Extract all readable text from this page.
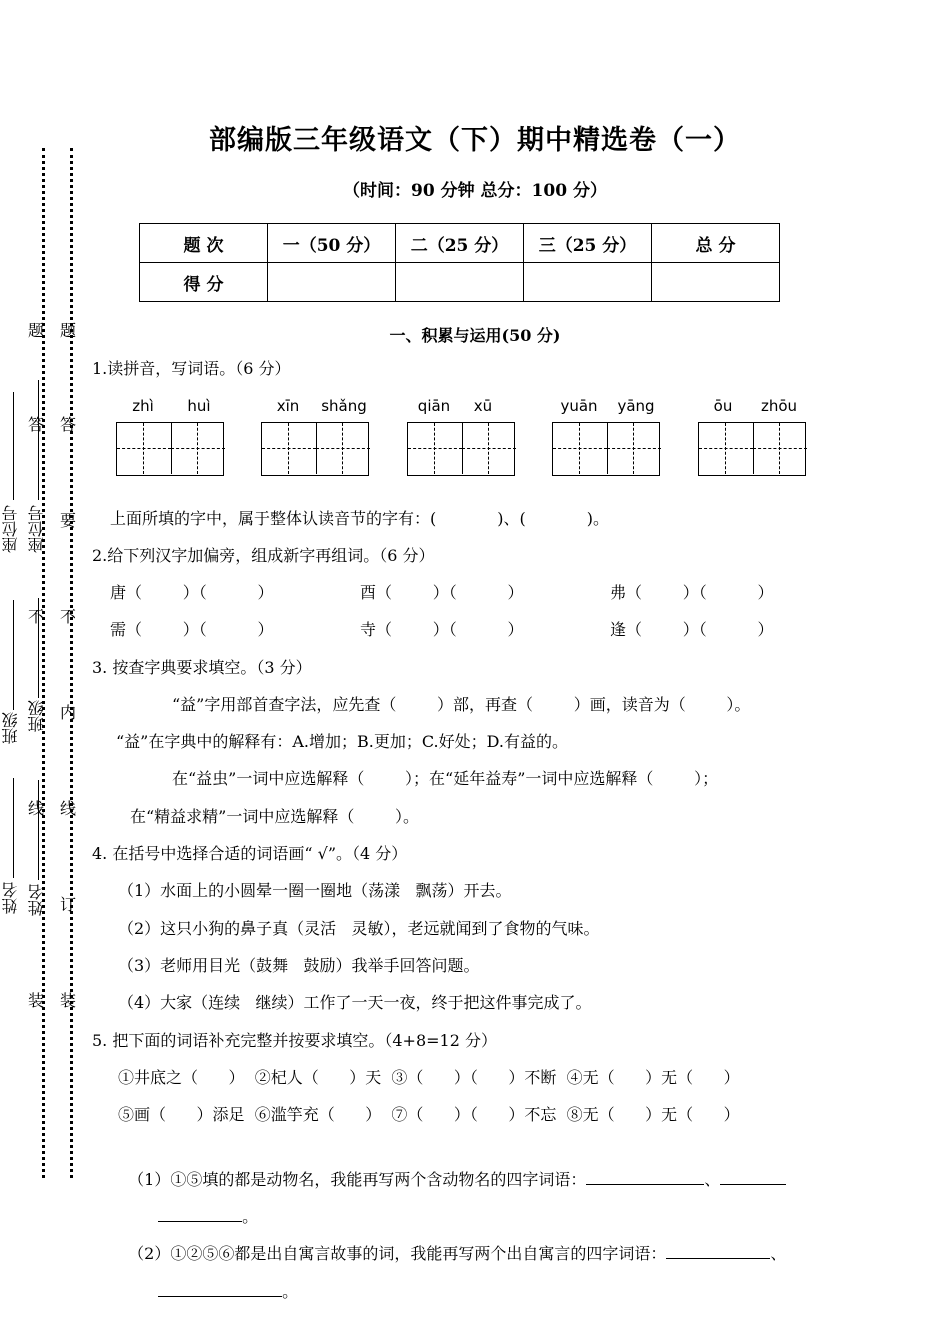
座位号
班级
姓名
座位号
班级
姓名
题 题
答 答
要
不 不
内
线 线
订
装 装
部编版三年级语文（下）期中精选卷（一）
（时间：90 分钟 总分：100 分）
题 次	一（50 分）	二（25 分）	三（25 分）	总 分
得 分				
一、积累与运用(50 分)
1.读拼音，写词语。（6 分）
zhì	huì	xīn	shǎng	qiān	xū	yuān	yāng	ōu	zhōu
上面所填的字中，属于整体认读音节的字有：(            )、(            )。
2.给下列汉字加偏旁，组成新字再组词。（6 分）
唐（        ）（          ）	酉（        ）（          ）	弗（        ）（          ）
需（        ）（          ）	寺（        ）（          ）	逢（        ）（          ）
3. 按查字典要求填空。（3 分）
“益”字用部首查字法，应先查（        ）部，再查（        ）画，读音为（        ）。
“益”在字典中的解释有：A.增加；B.更加；C.好处；D.有益的。
在“益虫”一词中应选解释（        ）；在“延年益寿”一词中应选解释（        ）；
在“精益求精”一词中应选解释（        ）。
4. 在括号中选择合适的词语画“ √”。（4 分）
（1）水面上的小圆晕一圈一圈地（荡漾   飘荡）开去。
（2）这只小狗的鼻子真（灵活   灵敏），老远就闻到了食物的气味。
（3）老师用目光（鼓舞   鼓励）我举手回答问题。
（4）大家（连续   继续）工作了一天一夜，终于把这件事完成了。
5. 把下面的词语补充完整并按要求填空。（4+8=12 分）
①井底之（      ）  ②杞人（      ）天  ③（      ）（      ）不断  ④无（      ）无（      ）
⑤画（      ）添足  ⑥滥竽充（      ）  ⑦（      ）（      ）不忘  ⑧无（      ）无（      ）

（1）①⑤填的都是动物名，我能再写两个含动物名的四字词语：	、

。

（2）①②⑤⑥都是出自寓言故事的词，我能再写两个出自寓言的四字词语：	、

。
